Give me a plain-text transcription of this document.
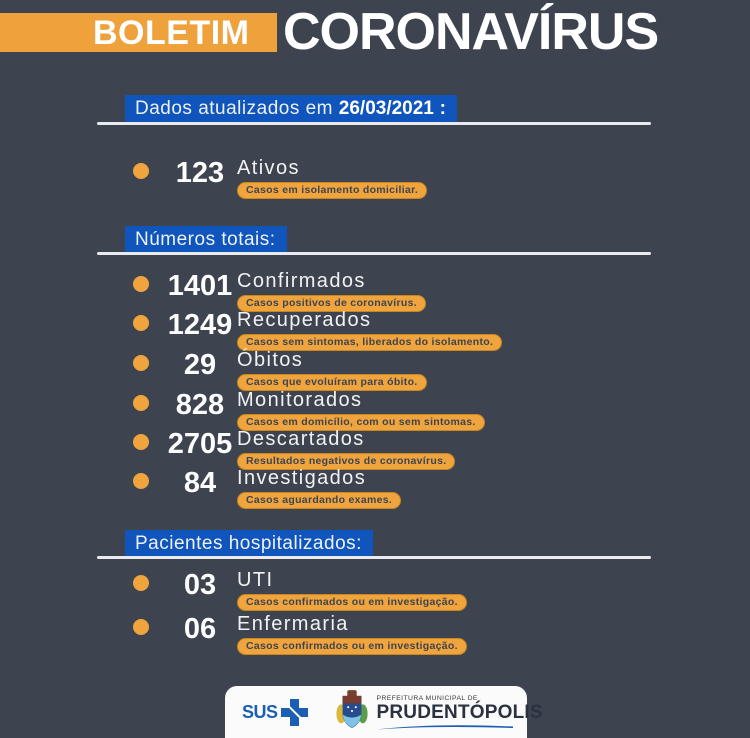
BOLETIM CORONAVÍRUS
Dados atualizados em 26/03/2021 :
123 Ativos
Casos em isolamento domiciliar.
Números totais:
1401 Confirmados
Casos positivos de coronavírus.
1249 Recuperados
Casos sem sintomas, liberados do isolamento.
29	Óbitos
Casos que evoluíram para óbito.
828 Monitorados
Casos em domicílio, com ou sem sintomas.
2705 Descartados
Resultados negativos de coronavírus.
84	Investigados
Casos aguardando exames.
Pacientes hospitalizados:
03	UTI
Casos confirmados ou em investigação.
06	Enfermaria
Casos confirmados ou em investigação.
SUS
PREFEITURA MUNICIPAL DE
PRUDENTÓPOLIS
